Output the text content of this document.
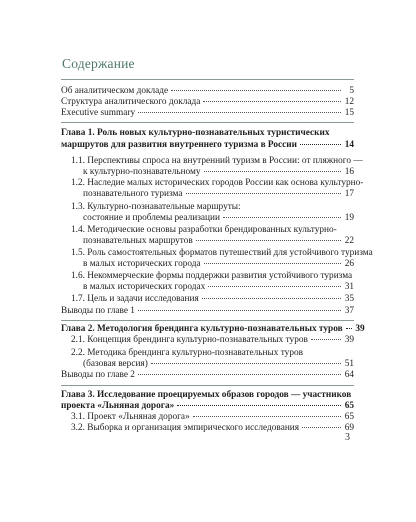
Содержание
Об аналитическом докладе	5
Структура аналитического доклада	12
Executive summary	15
Глава 1. Роль новых культурно-познавательных туристических
маршрутов для развития внутреннего туризма в России	14
1.1. Перспективы спроса на внутренний туризм в России: от пляжного —
к культурно-познавательному	16
1.2. Наследие малых исторических городов России как основа культурно-
познавательного туризма	17
1.3. Культурно-познавательные маршруты:
состояние и проблемы реализации	19
1.4. Методические основы разработки брендированных культурно-
познавательных маршрутов	22
1.5. Роль самостоятельных форматов путешествий для устойчивого туризма
в малых исторических города	26
1.6. Некоммерческие формы поддержки развития устойчивого туризма
в малых исторических городах	31
1.7. Цель и задачи исследования	35
Выводы по главе 1	37
Глава 2. Методология брендинга культурно-познавательных туров 39
2.1. Концепция брендинга культурно-познавательных туров	39
2.2. Методика брендинга культурно-познавательных туров
(базовая версия)	51
Выводы по главе 2	64
Глава 3. Исследование проецируемых образов городов — участников
проекта «Льняная дорога»	65
3.1. Проект «Льняная дорога»	65
3.2. Выборка и организация эмпирического исследования	69
3
